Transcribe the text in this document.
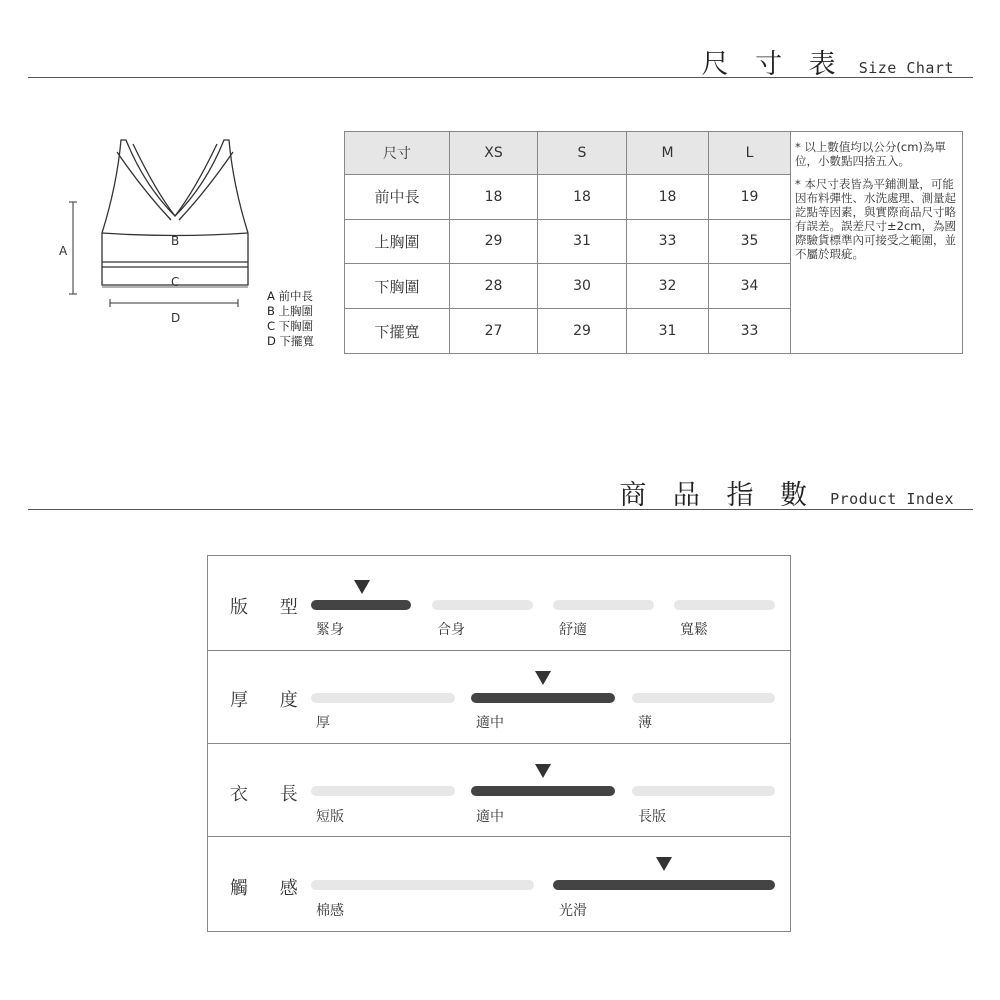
尺 寸 表 Size Chart
A
B
C
D
A 前中長
B 上胸圍
C 下胸圍
D 下擺寬
尺寸	XS	S	M	L
前中長	18	18	18	19
上胸圍	29	31	33	35
下胸圍	28	30	32	34
下擺寬	27	29	31	33

* 以上數值均以公分(cm)為單位，小數點四捨五入。

* 本尺寸表皆為平鋪測量，可能因布料彈性、水洗處理、測量起訖點等因素，與實際商品尺寸略有誤差。誤差尺寸±2cm，為國際驗貨標準內可接受之範圍，並不屬於瑕疵。

商 品 指 數 Product Index
版 型
緊身	合身	舒適	寬鬆
厚 度
厚	適中	薄
衣 長
短版	適中	長版
觸 感
棉感	光滑
